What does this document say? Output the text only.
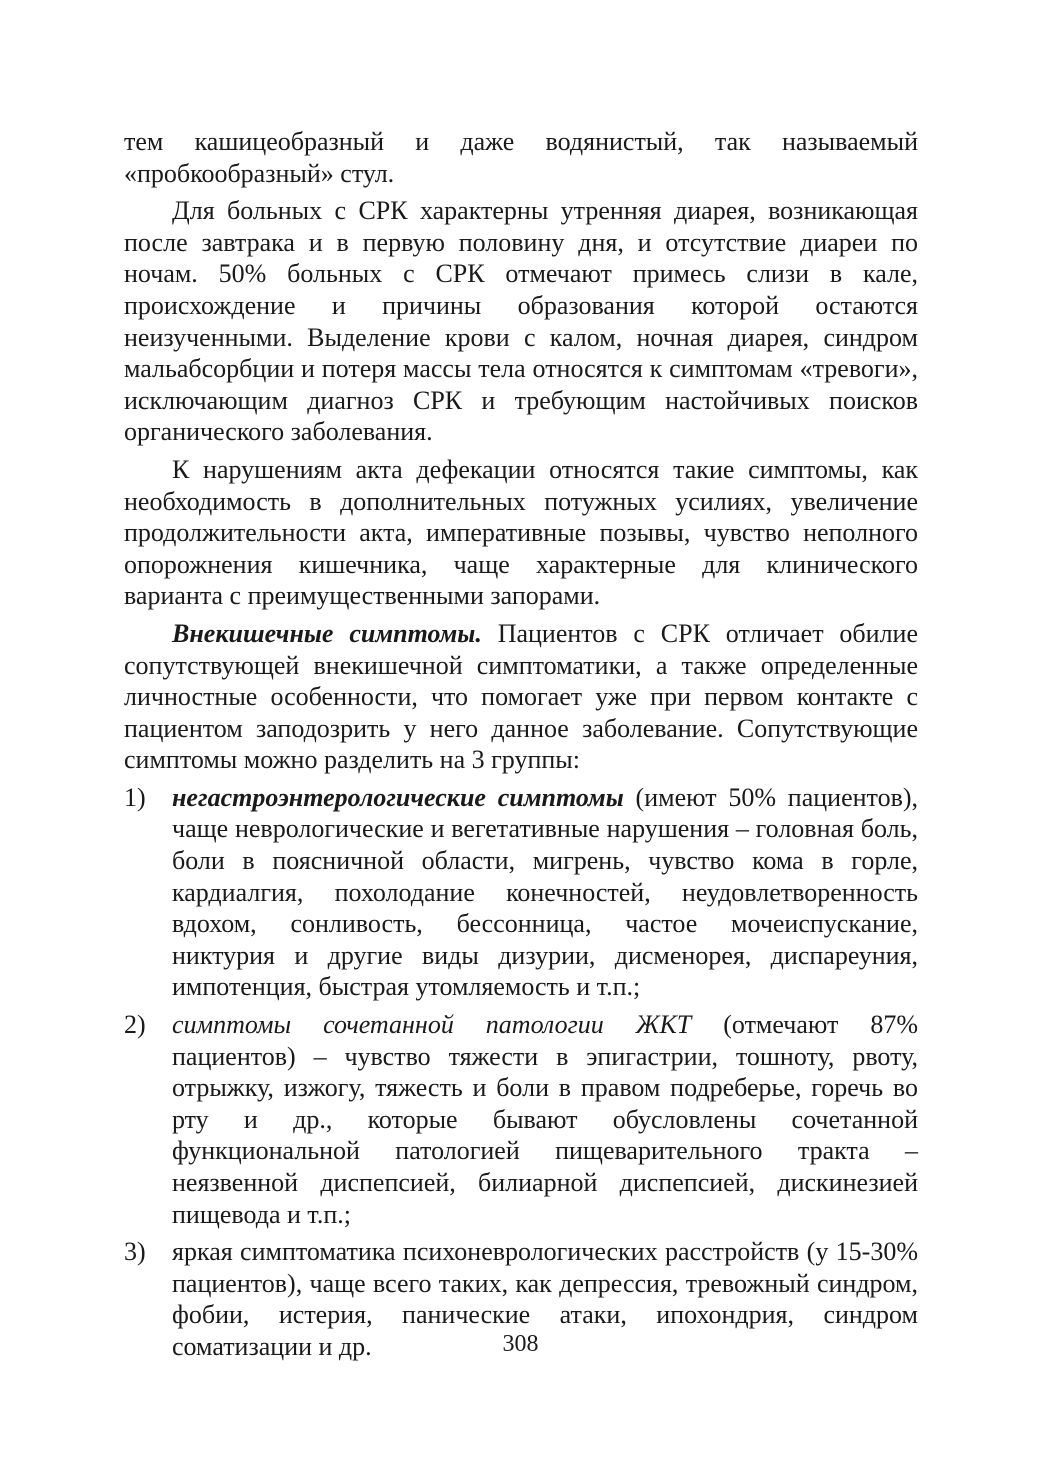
тем кашицеобразный и даже водянистый, так называемый «пробкообразный» стул.

Для больных с СРК характерны утренняя диарея, возникающая после завтрака и в первую половину дня, и отсутствие диареи по ночам. 50% больных с СРК отмечают примесь слизи в кале, происхождение и причины образования которой остаются неизученными. Выделение крови с калом, ночная диарея, синдром мальабсорбции и потеря массы тела относятся к симптомам «тревоги», исключающим диагноз СРК и требующим настойчивых поисков органического заболевания.

К нарушениям акта дефекации относятся такие симптомы, как необходимость в дополнительных потужных усилиях, увеличение продолжительности акта, императивные позывы, чувство неполного опорожнения кишечника, чаще характерные для клинического варианта с преимущественными запорами.

Внекишечные симптомы. Пациентов с СРК отличает обилие сопутствующей внекишечной симптоматики, а также определенные личностные особенности, что помогает уже при первом контакте с пациентом заподозрить у него данное заболевание. Сопутствующие симптомы можно разделить на 3 группы:

1) негастроэнтерологические симптомы (имеют 50% пациентов), чаще неврологические и вегетативные нарушения – головная боль, боли в поясничной области, мигрень, чувство кома в горле, кардиалгия, похолодание конечностей, неудовлетворенность вдохом, сонливость, бессонница, частое мочеиспускание, никтурия и другие виды дизурии, дисменорея, диспареуния, импотенция, быстрая утомляемость и т.п.;
2) симптомы сочетанной патологии ЖКТ (отмечают 87% пациентов) – чувство тяжести в эпигастрии, тошноту, рвоту, отрыжку, изжогу, тяжесть и боли в правом подреберье, горечь во рту и др., которые бывают обусловлены сочетанной функциональной патологией пищеварительного тракта – неязвенной диспепсией, билиарной диспепсией, дискинезией пищевода и т.п.;
3) яркая симптоматика психоневрологических расстройств (у 15-30% пациентов), чаще всего таких, как депрессия, тревожный синдром, фобии, истерия, панические атаки, ипохондрия, синдром соматизации и др.	308
